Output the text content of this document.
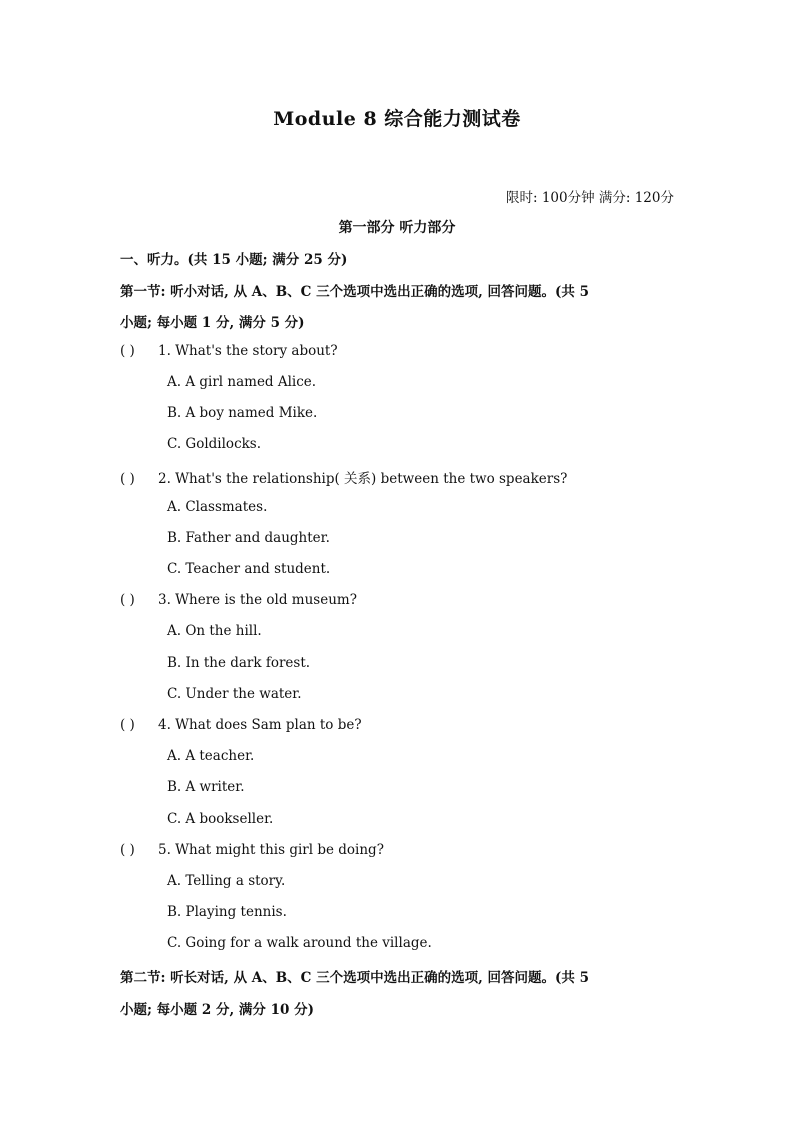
Module 8 综合能力测试卷
限时: 100分钟 满分: 120分
第一部分 听力部分
一、听力。(共 15 小题; 满分 25 分)
第一节: 听小对话, 从 A、B、C 三个选项中选出正确的选项, 回答问题。(共 5
小题; 每小题 1 分, 满分 5 分)
( ) 1. What's the story about?
A. A girl named Alice.
B. A boy named Mike.
C. Goldilocks.
( ) 2. What's the relationship( 关系) between the two speakers?
A. Classmates.
B. Father and daughter.
C. Teacher and student.
( ) 3. Where is the old museum?
A. On the hill.
B. In the dark forest.
C. Under the water.
( ) 4. What does Sam plan to be?
A. A teacher.
B. A writer.
C. A bookseller.
( ) 5. What might this girl be doing?
A. Telling a story.
B. Playing tennis.
C. Going for a walk around the village.
第二节: 听长对话, 从 A、B、C 三个选项中选出正确的选项, 回答问题。(共 5
小题; 每小题 2 分, 满分 10 分)
